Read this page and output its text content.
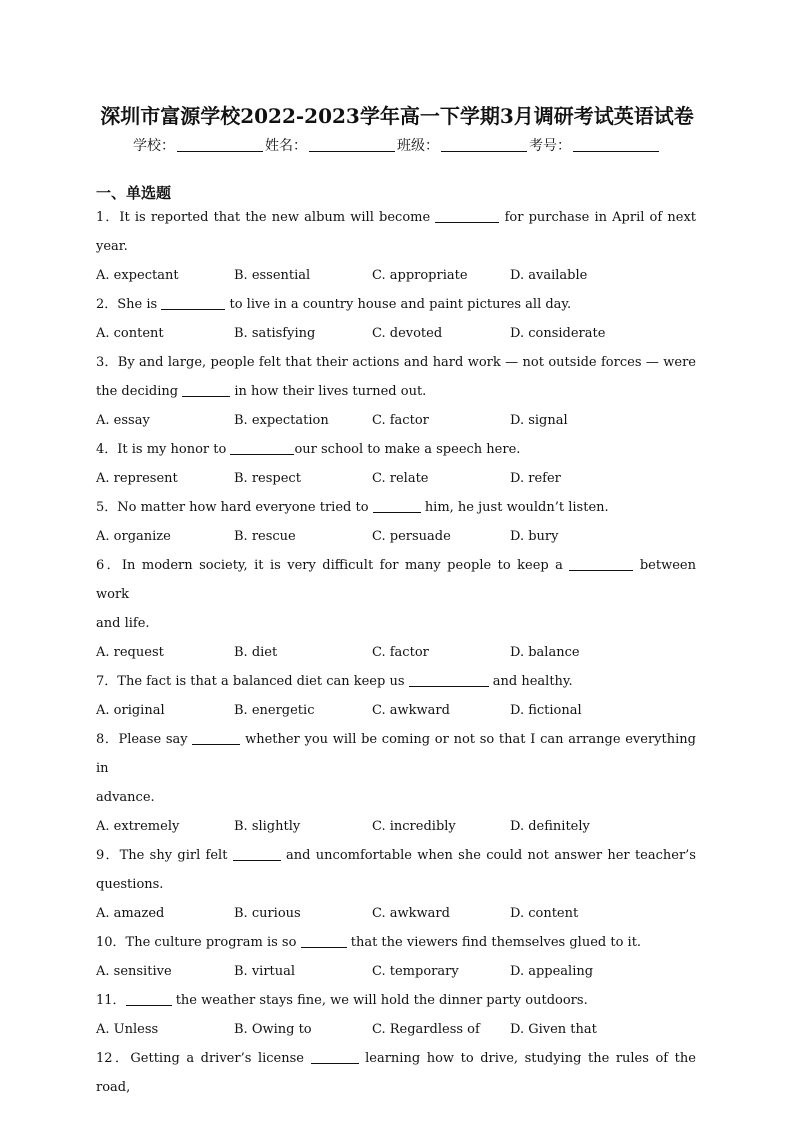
深圳市富源学校2022-2023学年高一下学期3月调研考试英语试卷
学校：	姓名：	班级：	考号：
一、单选题

1．It is reported that the new album will become	for purchase in April of next

year.

A. expectant	B. essential	C. appropriate	D. available

2．She is	to live in a country house and paint pictures all day.

A. content	B. satisfying	C. devoted	D. considerate

3．By and large, people felt that their actions and hard work — not outside forces — were

the deciding	in how their lives turned out.

A. essay	B. expectation	C. factor	D. signal

4．It is my honor to	our school to make a speech here.

A. represent	B. respect	C. relate	D. refer

5．No matter how hard everyone tried to	him, he just wouldn’t listen.

A. organize	B. rescue	C. persuade	D. bury

6．In modern society, it is very difficult for many people to keep a	between work

and life.

A. request	B. diet	C. factor	D. balance

7．The fact is that a balanced diet can keep us	and healthy.

A. original	B. energetic	C. awkward	D. fictional

8．Please say	whether you will be coming or not so that I can arrange everything in

advance.

A. extremely	B. slightly	C. incredibly	D. definitely

9．The shy girl felt	and uncomfortable when she could not answer her teacher’s

questions.

A. amazed	B. curious	C. awkward	D. content

10．The culture program is so	that the viewers find themselves glued to it.

A. sensitive	B. virtual	C. temporary	D. appealing

11．	the weather stays fine, we will hold the dinner party outdoors.

A. Unless	B. Owing to	C. Regardless of	D. Given that

12．Getting a driver’s license	learning how to drive, studying the rules of the road,
